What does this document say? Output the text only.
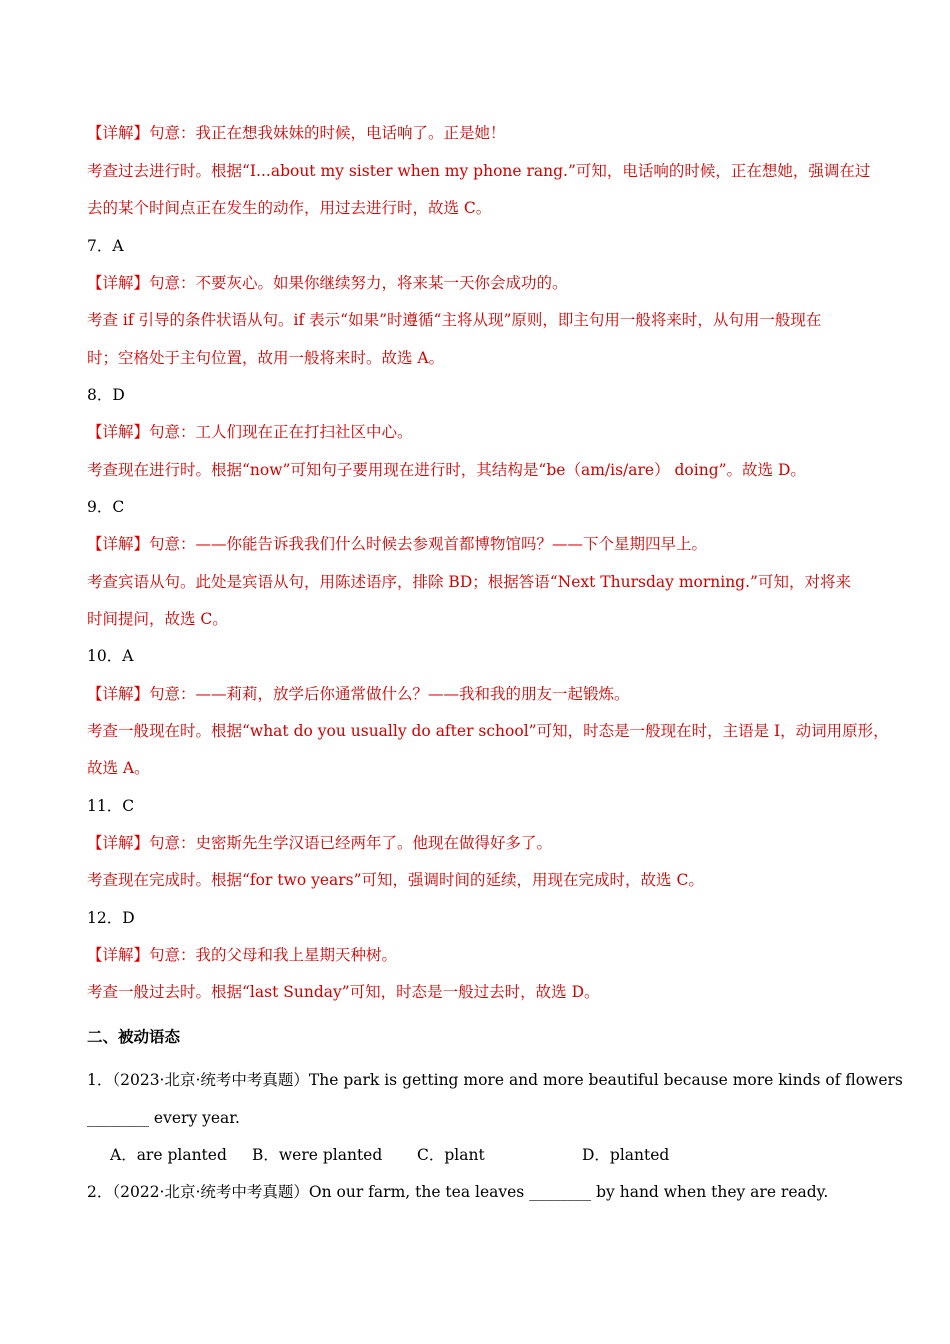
【详解】句意：我正在想我妹妹的时候，电话响了。正是她！
考查过去进行时。根据“I...about my sister when my phone rang.”可知，电话响的时候，正在想她，强调在过
去的某个时间点正在发生的动作，用过去进行时，故选 C。
7．A
【详解】句意：不要灰心。如果你继续努力，将来某一天你会成功的。
考查 if 引导的条件状语从句。if 表示“如果”时遵循“主将从现”原则，即主句用一般将来时，从句用一般现在
时；空格处于主句位置，故用一般将来时。故选 A。
8．D
【详解】句意：工人们现在正在打扫社区中心。
考查现在进行时。根据“now”可知句子要用现在进行时，其结构是“be（am/is/are） doing”。故选 D。
9．C
【详解】句意：——你能告诉我我们什么时候去参观首都博物馆吗？——下个星期四早上。
考查宾语从句。此处是宾语从句，用陈述语序，排除 BD；根据答语“Next Thursday morning.”可知，对将来
时间提问，故选 C。
10．A
【详解】句意：——莉莉，放学后你通常做什么？——我和我的朋友一起锻炼。
考查一般现在时。根据“what do you usually do after school”可知，时态是一般现在时，主语是 I，动词用原形，
故选 A。
11．C
【详解】句意：史密斯先生学汉语已经两年了。他现在做得好多了。
考查现在完成时。根据“for two years”可知，强调时间的延续，用现在完成时，故选 C。
12．D
【详解】句意：我的父母和我上星期天种树。
考查一般过去时。根据“last Sunday”可知，时态是一般过去时，故选 D。
二、被动语态
1．（2023·北京·统考中考真题）The park is getting more and more beautiful because more kinds of flowers
________ every year.
A．are planted B．were planted C．plant	D．planted
2．（2022·北京·统考中考真题）On our farm, the tea leaves ________ by hand when they are ready.
